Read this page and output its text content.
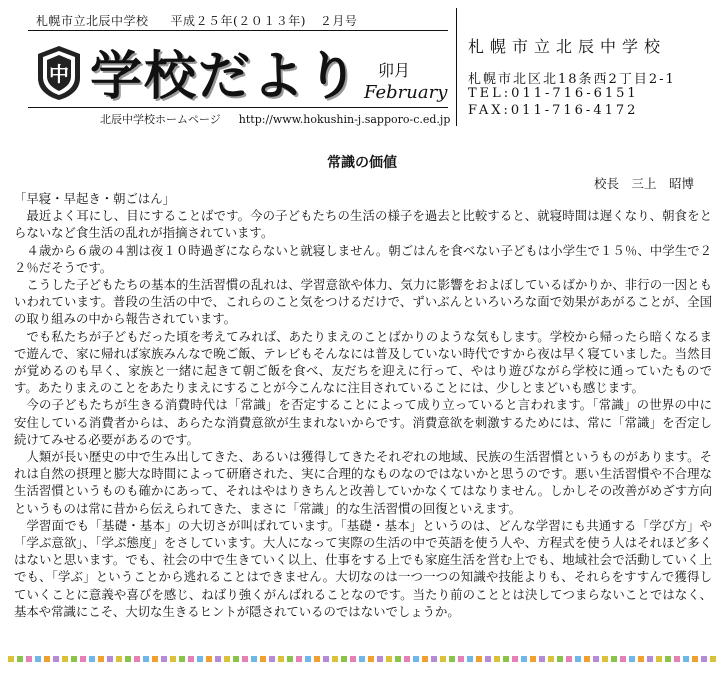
札幌市立北辰中学校 平成２５年(２０１３年) ２月号
中 学校だより 卯月
February
北辰中学校ホームページ http://www.hokushin-j.sapporo-c.ed.jp
札幌市立北辰中学校
札幌市北区北18条西2丁目2-1
TEL:011-716-6151
FAX:011-716-4172
常識の価値
校長　三上　昭博

「早寝・早起き・朝ごはん」

最近よく耳にし、目にすることばです。今の子どもたちの生活の様子を過去と比較すると、就寝時間は遅くなり、朝食をとらないなど食生活の乱れが指摘されています。

４歳から６歳の４割は夜１０時過ぎにならないと就寝しません。朝ごはんを食べない子どもは小学生で１５％、中学生で２２％だそうです。

こうした子どもたちの基本的生活習慣の乱れは、学習意欲や体力、気力に影響をおよぼしているばかりか、非行の一因ともいわれています。普段の生活の中で、これらのこと気をつけるだけで、ずいぶんといろいろな面で効果があがることが、全国の取り組みの中から報告されています。

でも私たちが子どもだった頃を考えてみれば、あたりまえのことばかりのような気もします。学校から帰ったら暗くなるまで遊んで、家に帰れば家族みんなで晩ご飯、テレビもそんなには普及していない時代ですから夜は早く寝ていました。当然目が覚めるのも早く、家族と一緒に起きて朝ご飯を食べ、友だちを迎えに行って、やはり遊びながら学校に通っていたものです。あたりまえのことをあたりまえにすることが今こんなに注目されていることには、少しとまどいも感じます。

今の子どもたちが生きる消費時代は「常識」を否定することによって成り立っていると言われます。「常識」の世界の中に安住している消費者からは、あらたな消費意欲が生まれないからです。消費意欲を刺激するためには、常に「常識」を否定し続けてみせる必要があるのです。

人類が長い歴史の中で生み出してきた、あるいは獲得してきたそれぞれの地域、民族の生活習慣というものがあります。それは自然の摂理と膨大な時間によって研磨された、実に合理的なものなのではないかと思うのです。悪い生活習慣や不合理な生活習慣というものも確かにあって、それはやはりきちんと改善していかなくてはなりません。しかしその改善がめざす方向というものは常に昔から伝えられてきた、まさに「常識」的な生活習慣の回復といえます。

学習面でも「基礎・基本」の大切さが叫ばれています。「基礎・基本」というのは、どんな学習にも共通する「学び方」や「学ぶ意欲」、「学ぶ態度」をさしています。大人になって実際の生活の中で英語を使う人や、方程式を使う人はそれほど多くはないと思います。でも、社会の中で生きていく以上、仕事をする上でも家庭生活を営む上でも、地域社会で活動していく上でも、「学ぶ」ということから逃れることはできません。大切なのは一つ一つの知識や技能よりも、それらをすすんで獲得していくことに意義や喜びを感じ、ねばり強くがんばれることなのです。当たり前のこととは決してつまらないことではなく、基本や常識にこそ、大切な生きるヒントが隠されているのではないでしょうか。
